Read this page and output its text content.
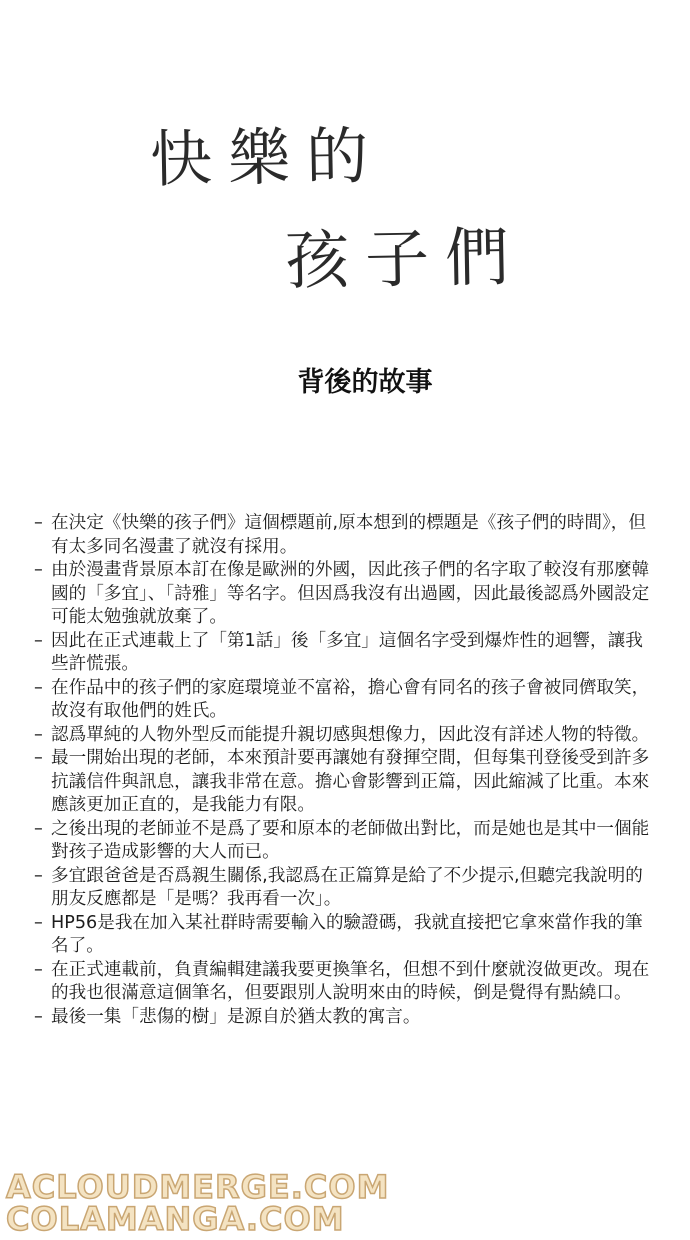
快樂的
孩子們
背後的故事
– 在決定《快樂的孩子們》這個標題前,原本想到的標題是《孩子們的時間》，但有太多同名漫畫了就沒有採用。
– 由於漫畫背景原本訂在像是歐洲的外國，因此孩子們的名字取了較沒有那麼韓國的「多宜」、「詩雅」等名字。但因爲我沒有出過國，因此最後認爲外國設定可能太勉強就放棄了。
– 因此在正式連載上了「第1話」後「多宜」這個名字受到爆炸性的迴響，讓我些許慌張。
– 在作品中的孩子們的家庭環境並不富裕，擔心會有同名的孩子會被同儕取笑，故沒有取他們的姓氏。
– 認爲單純的人物外型反而能提升親切感與想像力，因此沒有詳述人物的特徵。
– 最一開始出現的老師，本來預計要再讓她有發揮空間，但每集刊登後受到許多抗議信件與訊息，讓我非常在意。擔心會影響到正篇，因此縮減了比重。本來應該更加正直的，是我能力有限。
– 之後出現的老師並不是爲了要和原本的老師做出對比，而是她也是其中一個能對孩子造成影響的大人而已。
– 多宜跟爸爸是否爲親生關係,我認爲在正篇算是給了不少提示,但聽完我說明的朋友反應都是「是嗎？我再看一次」。
– HP56是我在加入某社群時需要輸入的驗證碼，我就直接把它拿來當作我的筆名了。
– 在正式連載前，負責編輯建議我要更換筆名，但想不到什麼就沒做更改。現在的我也很滿意這個筆名，但要跟別人說明來由的時候，倒是覺得有點繞口。
– 最後一集「悲傷的樹」是源自於猶太教的寓言。
ACLOUDMERGE.COM
COLAMANGA.COM
